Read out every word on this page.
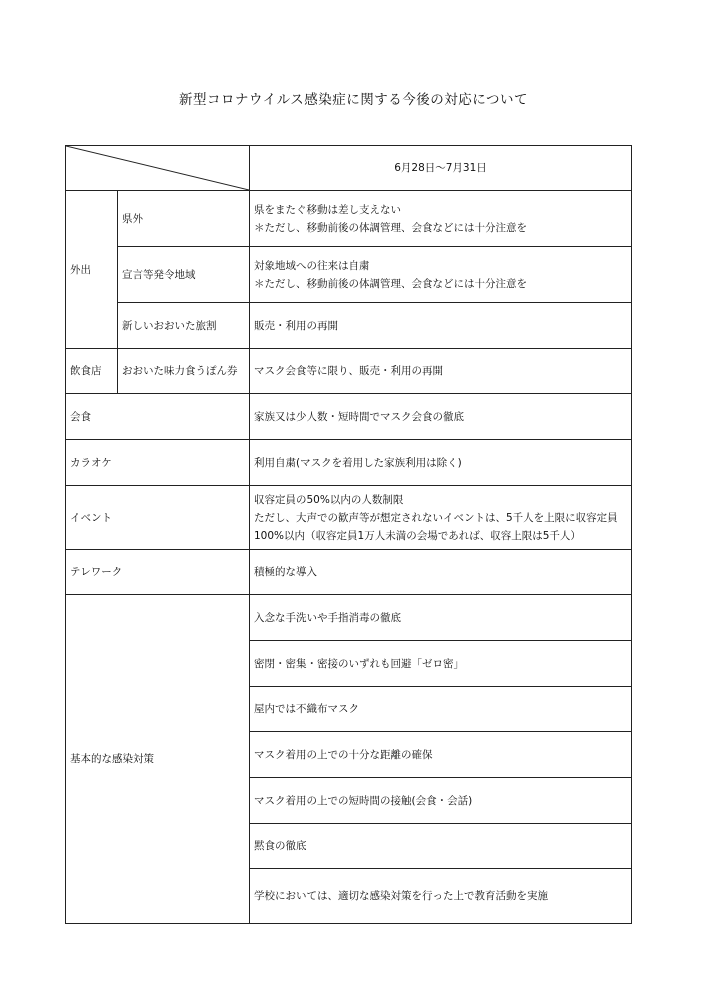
新型コロナウイルス感染症に関する今後の対応について
	6月28日～7月31日
外出	県外	県をまたぐ移動は差し支えない
＊ただし、移動前後の体調管理、会食などには十分注意を

	宣言等発令地域	対象地域への往来は自粛
＊ただし、移動前後の体調管理、会食などには十分注意を

	新しいおおいた旅割	販売・利用の再開
飲食店	おおいた味力食うぽん券	マスク会食等に限り、販売・利用の再開
会食		家族又は少人数・短時間でマスク会食の徹底
カラオケ		利用自粛(マスクを着用した家族利用は除く)
イベント		収容定員の50%以内の人数制限
ただし、大声での歓声等が想定されないイベントは、5千人を上限に収容定員
100%以内（収容定員1万人未満の会場であれば、収容上限は5千人）

テレワーク		積極的な導入
基本的な感染対策		入念な手洗いや手指消毒の徹底
		密閉・密集・密接のいずれも回避「ゼロ密」
		屋内では不織布マスク
		マスク着用の上での十分な距離の確保
		マスク着用の上での短時間の接触(会食・会話)
		黙食の徹底
		学校においては、適切な感染対策を行った上で教育活動を実施
